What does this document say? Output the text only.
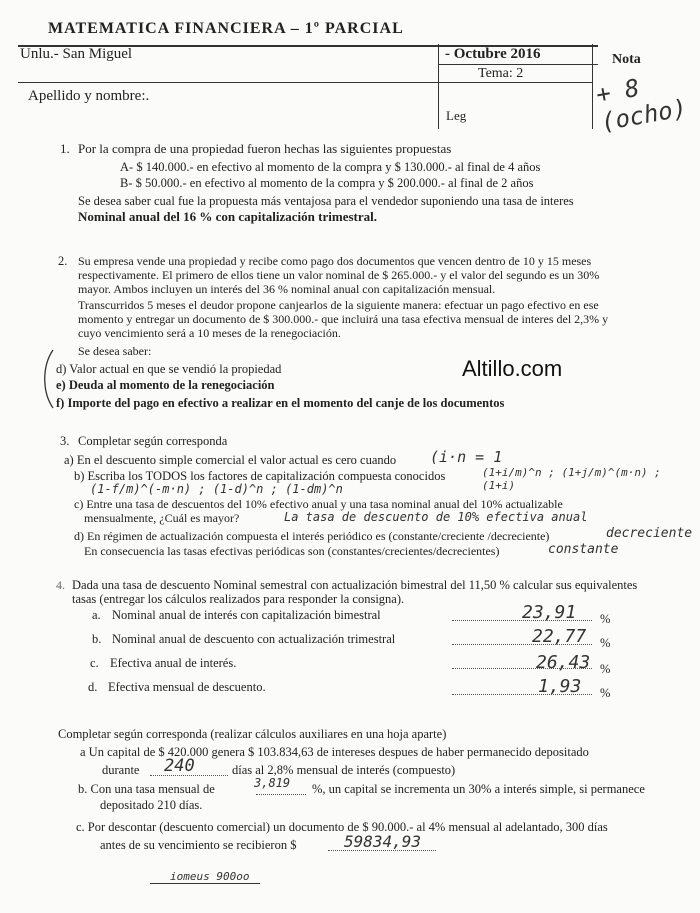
MATEMATICA FINANCIERA – 1º PARCIAL
Unlu.- San Miguel	- Octubre 2016	Nota
Tema: 2
Apellido y nombre:.
Leg
+ 8 (ocho)
Altillo.com
1. Por la compra de una propiedad fueron hechas las siguientes propuestas
A- $ 140.000.- en efectivo al momento de la compra y $ 130.000.- al final de 4 años
B- $ 50.000.- en efectivo al momento de la compra y $ 200.000.- al final de 2 años
Se desea saber cual fue la propuesta más ventajosa para el vendedor suponiendo una tasa de interes
Nominal anual del 16 % con capitalización trimestral.
2. Su empresa vende una propiedad y recibe como pago dos documentos que vencen dentro de 10 y 15 meses
respectivamente. El primero de ellos tiene un valor nominal de $ 265.000.- y el valor del segundo es un 30%
mayor. Ambos incluyen un interés del 36 % nominal anual con capitalización mensual.
Transcurridos 5 meses el deudor propone canjearlos de la siguiente manera: efectuar un pago efectivo en ese
momento y entregar un documento de $ 300.000.- que incluirá una tasa efectiva mensual de interes del 2,3% y
cuyo vencimiento será a 10 meses de la renegociación.
Se desea saber:
d) Valor actual en que se vendió la propiedad
e) Deuda al momento de la renegociación
f) Importe del pago en efectivo a realizar en el momento del canje de los documentos
3. Completar según corresponda
a) En el descuento simple comercial el valor actual es cero cuando (i·n = 1
b) Escriba los TODOS los factores de capitalización compuesta conocidos	(1+i/m)^n ; (1+j/m)^(m·n) ; (1+i)
(1-f/m)^(-m·n) ; (1-d)^n ; (1-dm)^n
c) Entre una tasa de descuentos del 10% efectivo anual y una tasa nominal anual del 10% actualizable
mensualmente, ¿Cuál es mayor?	La tasa de descuento de 10% efectiva anual
d) En régimen de actualización compuesta el interés periódico es (constante/creciente /decreciente)	decreciente
En consecuencia las tasas efectivas periódicas son (constantes/crecientes/decrecientes)	constante
4. Dada una tasa de descuento Nominal semestral con actualización bimestral del 11,50 % calcular sus equivalentes
tasas (entregar los cálculos realizados para responder la consigna).
a. Nominal anual de interés con capitalización bimestral	23,91 %
b. Nominal anual de descuento con actualización trimestral	22,77 %
c. Efectiva anual de interés.	26,43 %
d. Efectiva mensual de descuento.	1,93 %
Completar según corresponda (realizar cálculos auxiliares en una hoja aparte)
a Un capital de $ 420.000 genera $ 103.834,63 de intereses despues de haber permanecido depositado
durante 240	días al 2,8% mensual de interés (compuesto)
b. Con una tasa mensual de	3,819 %, un capital se incrementa un 30% a interés simple, si permanece
depositado 210 días.
c. Por descontar (descuento comercial) un documento de $ 90.000.- al 4% mensual al adelantado, 300 días
antes de su vencimiento se recibieron $	59834,93
iomeus 900oo
